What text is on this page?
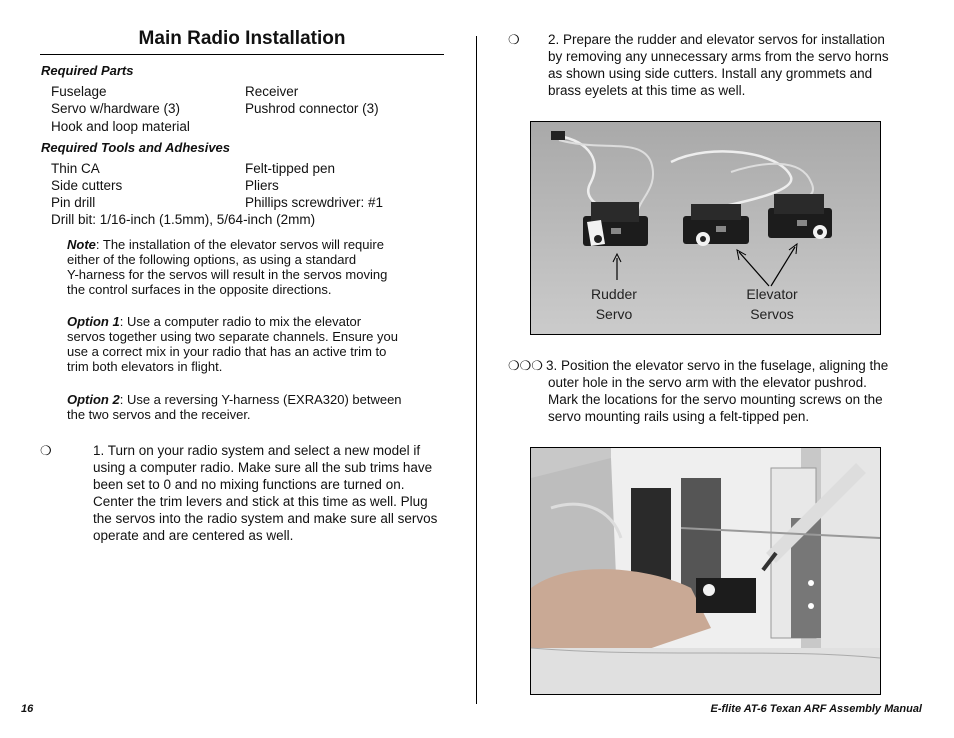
Main Radio Installation
Required Parts
Fuselage
Servo w/hardware (3)
Hook and loop material
Receiver
Pushrod connector (3)
Required Tools and Adhesives
Thin CA
Side cutters
Pin drill
Felt-tipped pen
Pliers
Phillips screwdriver: #1
Drill bit: 1/16-inch (1.5mm), 5/64-inch (2mm)
Note: The installation of the elevator servos will require
either of the following options, as using a standard
Y-harness for the servos will result in the servos moving
the control surfaces in the opposite directions.
Option 1: Use a computer radio to mix the elevator
servos together using two separate channels. Ensure you
use a correct mix in your radio that has an active trim to
trim both elevators in flight.
Option 2: Use a reversing Y-harness (EXRA320) between
the two servos and the receiver.
❍	1. Turn on your radio system and select a new model if
using a computer radio. Make sure all the sub trims have
been set to 0 and no mixing functions are turned on.
Center the trim levers and stick at this time as well. Plug
the servos into the radio system and make sure all servos
operate and are centered as well.
❍ 2. Prepare the rudder and elevator servos for installation
by removing any unnecessary arms from the servo horns
as shown using side cutters. Install any grommets and
brass eyelets at this time as well.
Rudder
Servo
Elevator
Servos
❍❍❍ 3. Position the elevator servo in the fuselage, aligning the
outer hole in the servo arm with the elevator pushrod.
Mark the locations for the servo mounting screws on the
servo mounting rails using a felt-tipped pen.
16	E-flite AT-6 Texan ARF Assembly Manual
